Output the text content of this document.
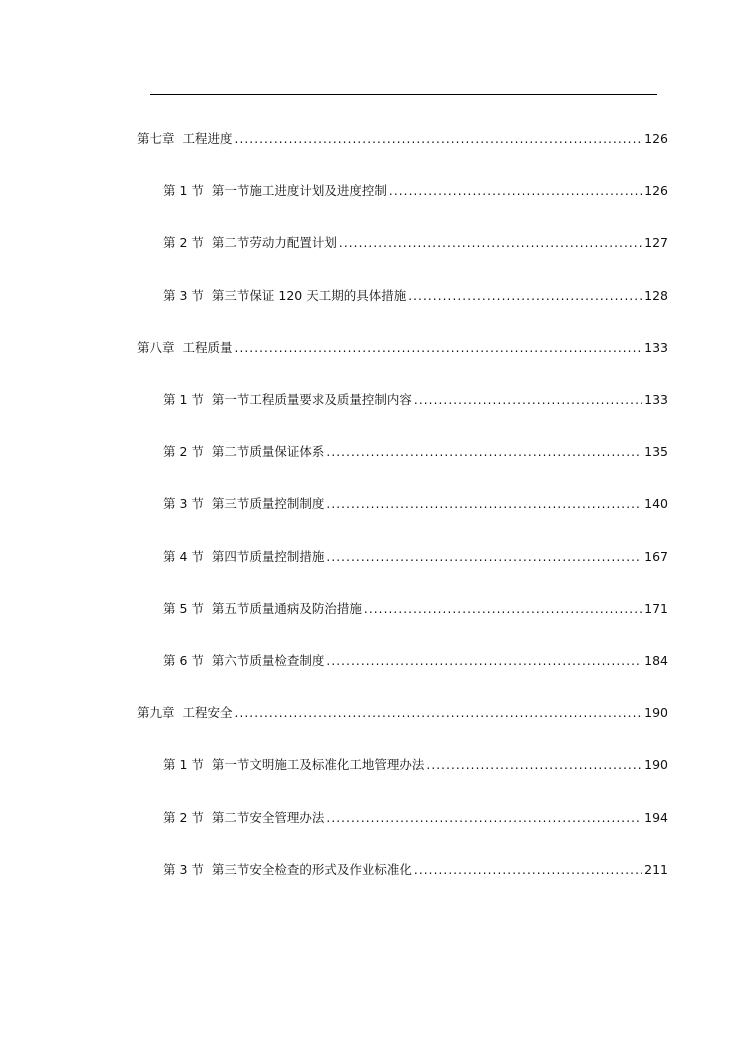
第七章 工程进度 .....	126
第 1 节 第一节施工进度计划及进度控制 .....	126
第 2 节 第二节劳动力配置计划 .....	127
第 3 节 第三节保证 120 天工期的具体措施 .....	128
第八章 工程质量 .....	133
第 1 节 第一节工程质量要求及质量控制内容 .....	133
第 2 节 第二节质量保证体系 .....	135
第 3 节 第三节质量控制制度 .....	140
第 4 节 第四节质量控制措施 .....	167
第 5 节 第五节质量通病及防治措施 .....	171
第 6 节 第六节质量检查制度 .....	184
第九章 工程安全 .....	190
第 1 节 第一节文明施工及标准化工地管理办法 .....	190
第 2 节 第二节安全管理办法 .....	194
第 3 节 第三节安全检查的形式及作业标准化 .....	211
